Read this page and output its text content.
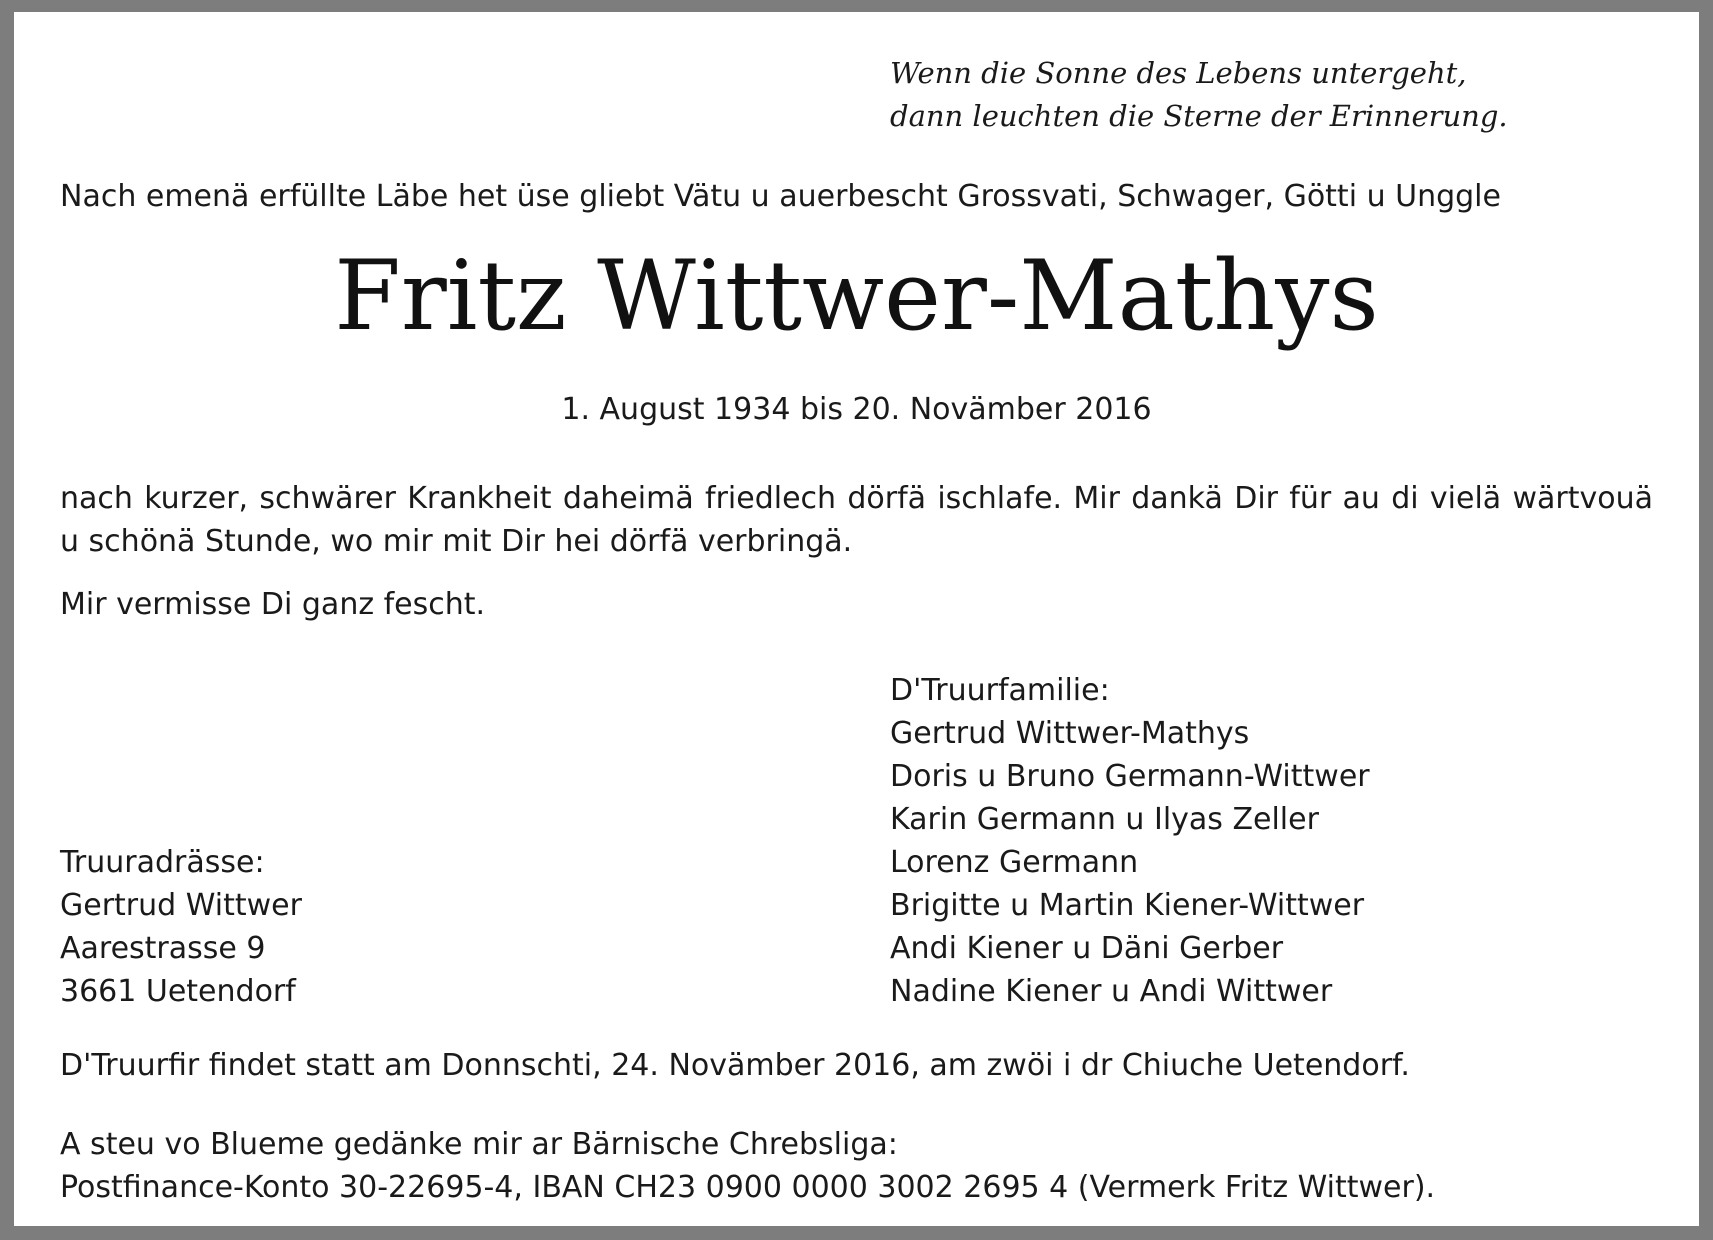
Wenn die Sonne des Lebens untergeht,
dann leuchten die Sterne der Erinnerung.
Nach emenä erfüllte Läbe het üse gliebt Vätu u auerbescht Grossvati, Schwager, Götti u Unggle
Fritz Wittwer-Mathys
1. August 1934 bis 20. Novämber 2016
nach kurzer, schwärer Krankheit daheimä friedlech dörfä ischlafe. Mir dankä Dir für au di vielä wärtvouä u schönä Stunde, wo mir mit Dir hei dörfä verbringä.
Mir vermisse Di ganz fescht.
D'Truurfamilie:
Gertrud Wittwer-Mathys
Doris u Bruno Germann-Wittwer
Karin Germann u Ilyas Zeller
Lorenz Germann
Brigitte u Martin Kiener-Wittwer
Andi Kiener u Däni Gerber
Nadine Kiener u Andi Wittwer
Truuradrässe:
Gertrud Wittwer
Aarestrasse 9
3661 Uetendorf
D'Truurfir findet statt am Donnschti, 24. Novämber 2016, am zwöi i dr Chiuche Uetendorf.
A steu vo Blueme gedänke mir ar Bärnische Chrebsliga:
Postfinance-Konto 30-22695-4, IBAN CH23 0900 0000 3002 2695 4 (Vermerk Fritz Wittwer).
